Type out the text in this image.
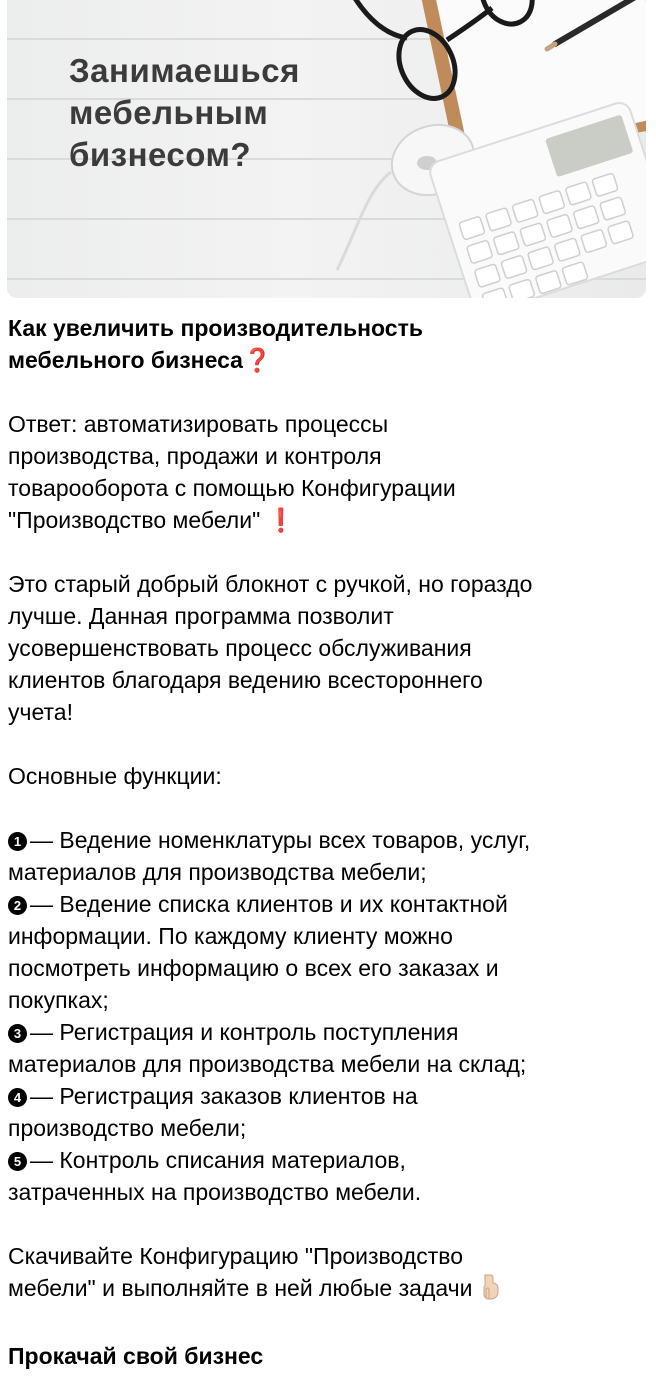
Занимаешься
мебельным
бизнесом?
Как увеличить производительность
мебельного бизнеса❓
Ответ: автоматизировать процессы
производства, продажи и контроля
товарооборота с помощью Конфигурации
"Производство мебели" ❗
Это старый добрый блокнот с ручкой, но гораздо
лучше. Данная программа позволит
усовершенствовать процесс обслуживания
клиентов благодаря ведению всестороннего
учета!
Основные функции:
1 — Ведение номенклатуры всех товаров, услуг,
материалов для производства мебели;
2 — Ведение списка клиентов и их контактной
информации. По каждому клиенту можно
посмотреть информацию о всех его заказах и
покупках;
3 — Регистрация и контроль поступления
материалов для производства мебели на склад;
4 — Регистрация заказов клиентов на
производство мебели;
5 — Контроль списания материалов,
затраченных на производство мебели.
Скачивайте Конфигурацию "Производство
мебели" и выполняйте в ней любые задачи
Прокачай свой бизнес
